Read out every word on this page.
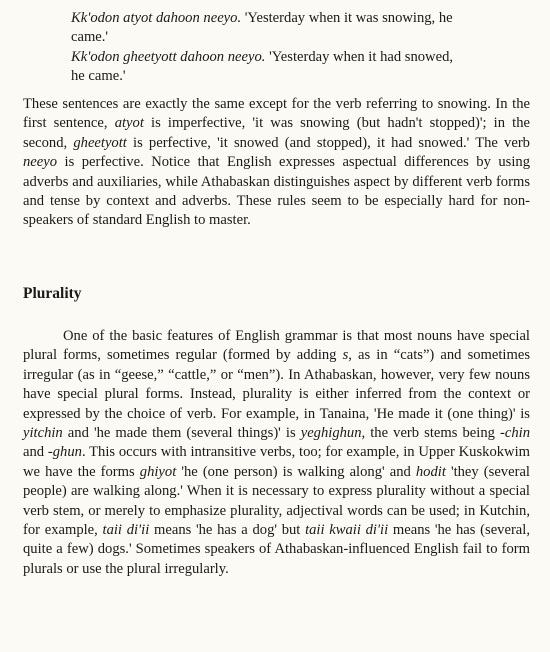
Kk'odon atyot dahoon neeyo. 'Yesterday when it was snowing, he
came.'

Kk'odon gheetyott dahoon neeyo. 'Yesterday when it had snowed,
he came.'

These sentences are exactly the same except for the verb referring to snowing. In the first sentence, atyot is imperfective, 'it was snowing (but hadn't stopped)'; in the second, gheetyott is perfective, 'it snowed (and stopped), it had snowed.' The verb neeyo is perfective. Notice that English expresses aspectual differences by using adverbs and auxiliaries, while Athabaskan distinguishes aspect by different verb forms and tense by context and adverbs. These rules seem to be especially hard for non-speakers of standard English to master.

Plurality

One of the basic features of English grammar is that most nouns have special plural forms, sometimes regular (formed by adding s, as in “cats”) and sometimes irregular (as in “geese,” “cattle,” or “men”). In Athabaskan, however, very few nouns have special plural forms. Instead, plurality is either inferred from the context or expressed by the choice of verb. For example, in Tanaina, 'He made it (one thing)' is yitchin and 'he made them (several things)' is yeghighun, the verb stems being -chin and -ghun. This occurs with intransitive verbs, too; for example, in Upper Kuskokwim we have the forms ghiyot 'he (one person) is walking along' and hodit 'they (several people) are walking along.' When it is necessary to express plurality without a special verb stem, or merely to emphasize plurality, adjectival words can be used; in Kutchin, for example, taii di'ii means 'he has a dog' but taii kwaii di'ii means 'he has (several, quite a few) dogs.' Sometimes speakers of Athabaskan-influenced English fail to form plurals or use the plural irregularly.
